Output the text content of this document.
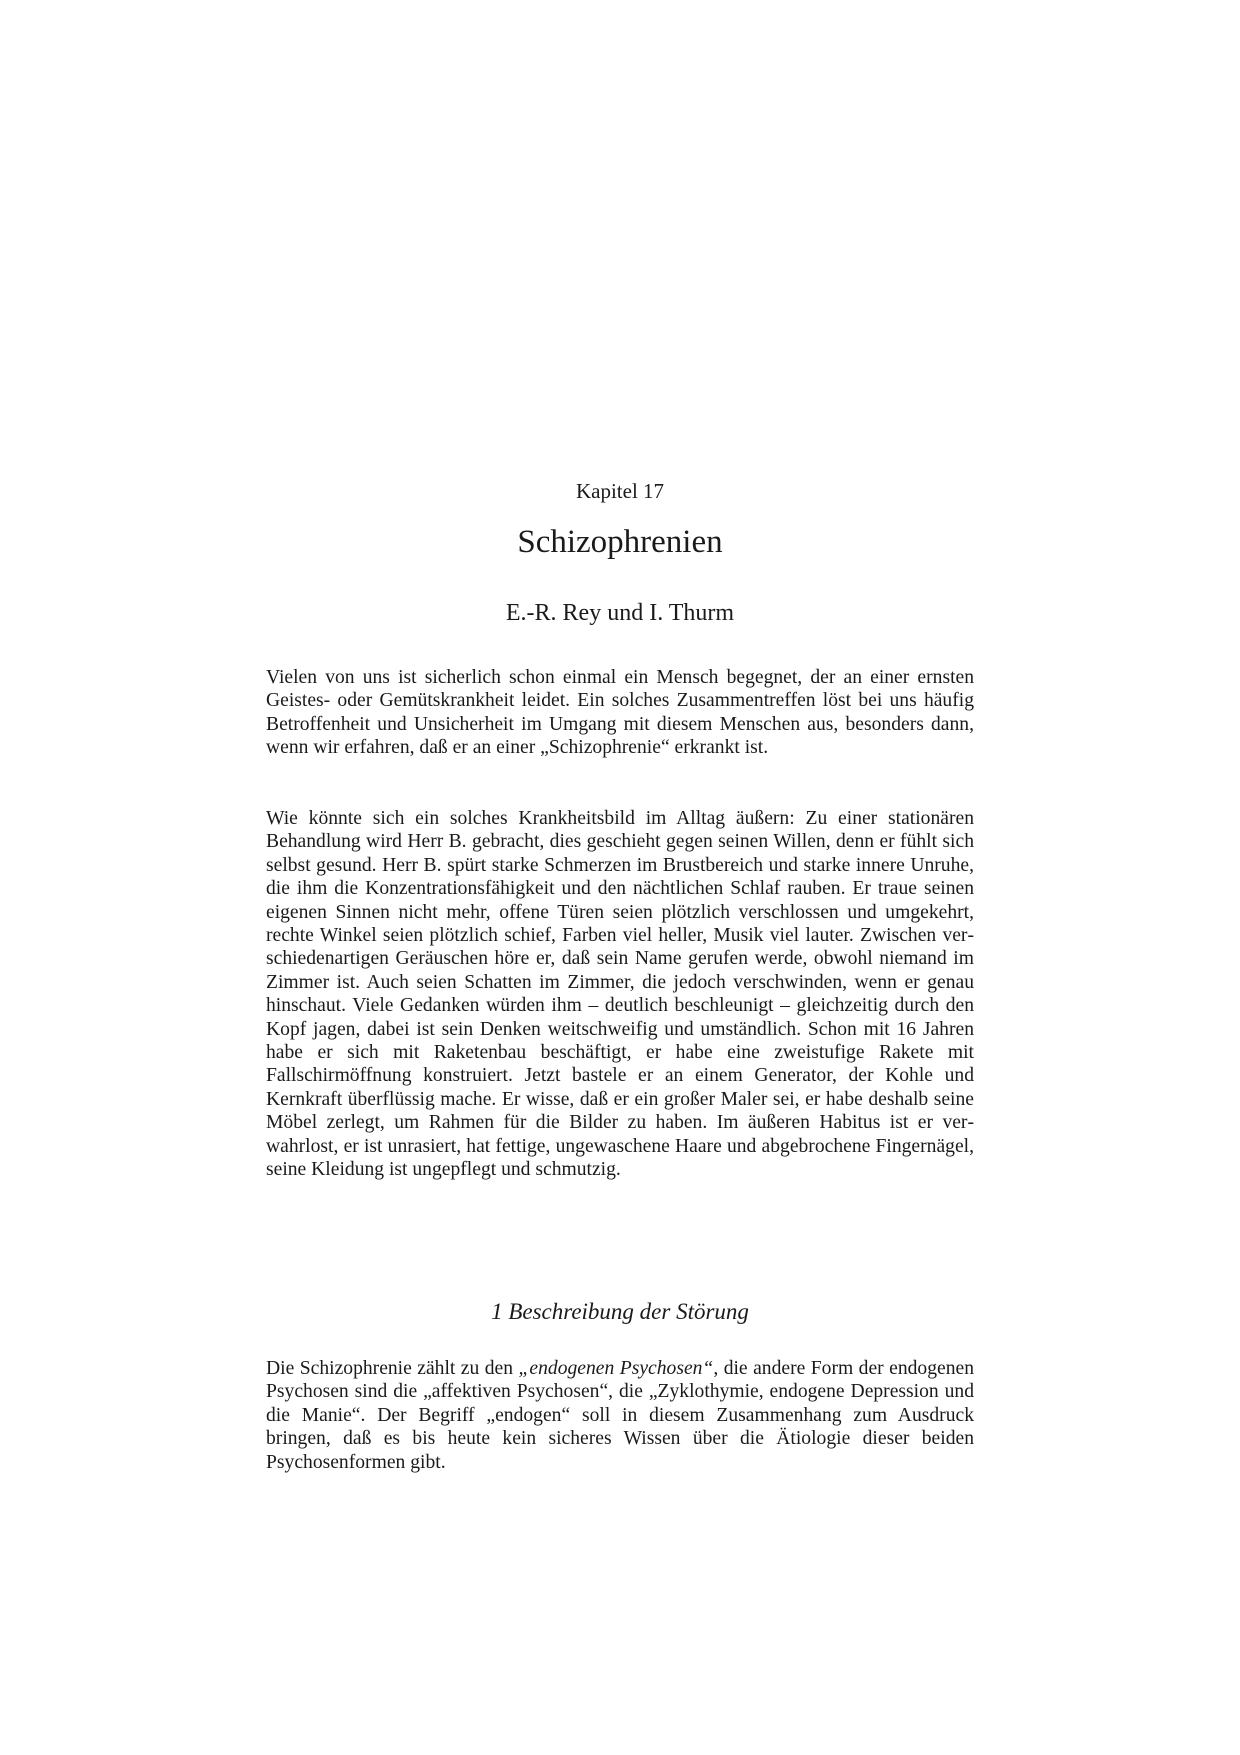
Kapitel 17
Schizophrenien
E.-R. Rey und I. Thurm

Vielen von uns ist sicherlich schon einmal ein Mensch begegnet, der an einer ernsten Geistes- oder Gemütskrankheit leidet. Ein solches Zusammentreffen löst bei uns häufig Betroffenheit und Unsicherheit im Umgang mit diesem Menschen aus, besonders dann, wenn wir erfahren, daß er an einer „Schizophrenie“ erkrankt ist.

Wie könnte sich ein solches Krankheitsbild im Alltag äußern: Zu einer stationären Behandlung wird Herr B. gebracht, dies geschieht gegen seinen Willen, denn er fühlt sich selbst gesund. Herr B. spürt starke Schmerzen im Brustbereich und starke innere Unruhe, die ihm die Konzentrationsfähigkeit und den nächtlichen Schlaf rauben. Er traue seinen eigenen Sinnen nicht mehr, offene Türen seien plötzlich verschlossen und umgekehrt, rechte Winkel seien plötzlich schief, Farben viel heller, Musik viel lauter. Zwischen verschiedenartigen Geräuschen höre er, daß sein Name gerufen werde, obwohl niemand im Zimmer ist. Auch seien Schatten im Zimmer, die jedoch verschwinden, wenn er genau hinschaut. Viele Gedanken würden ihm – deutlich beschleunigt – gleichzeitig durch den Kopf jagen, dabei ist sein Denken weitschweifig und umständlich. Schon mit 16 Jahren habe er sich mit Raketenbau beschäftigt, er habe eine zweistufige Rakete mit Fallschirmöffnung konstruiert. Jetzt bastele er an einem Generator, der Kohle und Kernkraft überflüssig mache. Er wisse, daß er ein großer Maler sei, er habe deshalb seine Möbel zerlegt, um Rahmen für die Bilder zu haben. Im äußeren Habitus ist er verwahrlost, er ist unrasiert, hat fettige, ungewaschene Haare und abgebrochene Fingernägel, seine Kleidung ist ungepflegt und schmutzig.

1 Beschreibung der Störung

Die Schizophrenie zählt zu den „endogenen Psychosen“, die andere Form der endogenen Psychosen sind die „affektiven Psychosen“, die „Zyklothymie, endogene Depression und die Manie“. Der Begriff „endogen“ soll in diesem Zusammenhang zum Ausdruck bringen, daß es bis heute kein sicheres Wissen über die Ätiologie dieser beiden Psychosenformen gibt.
